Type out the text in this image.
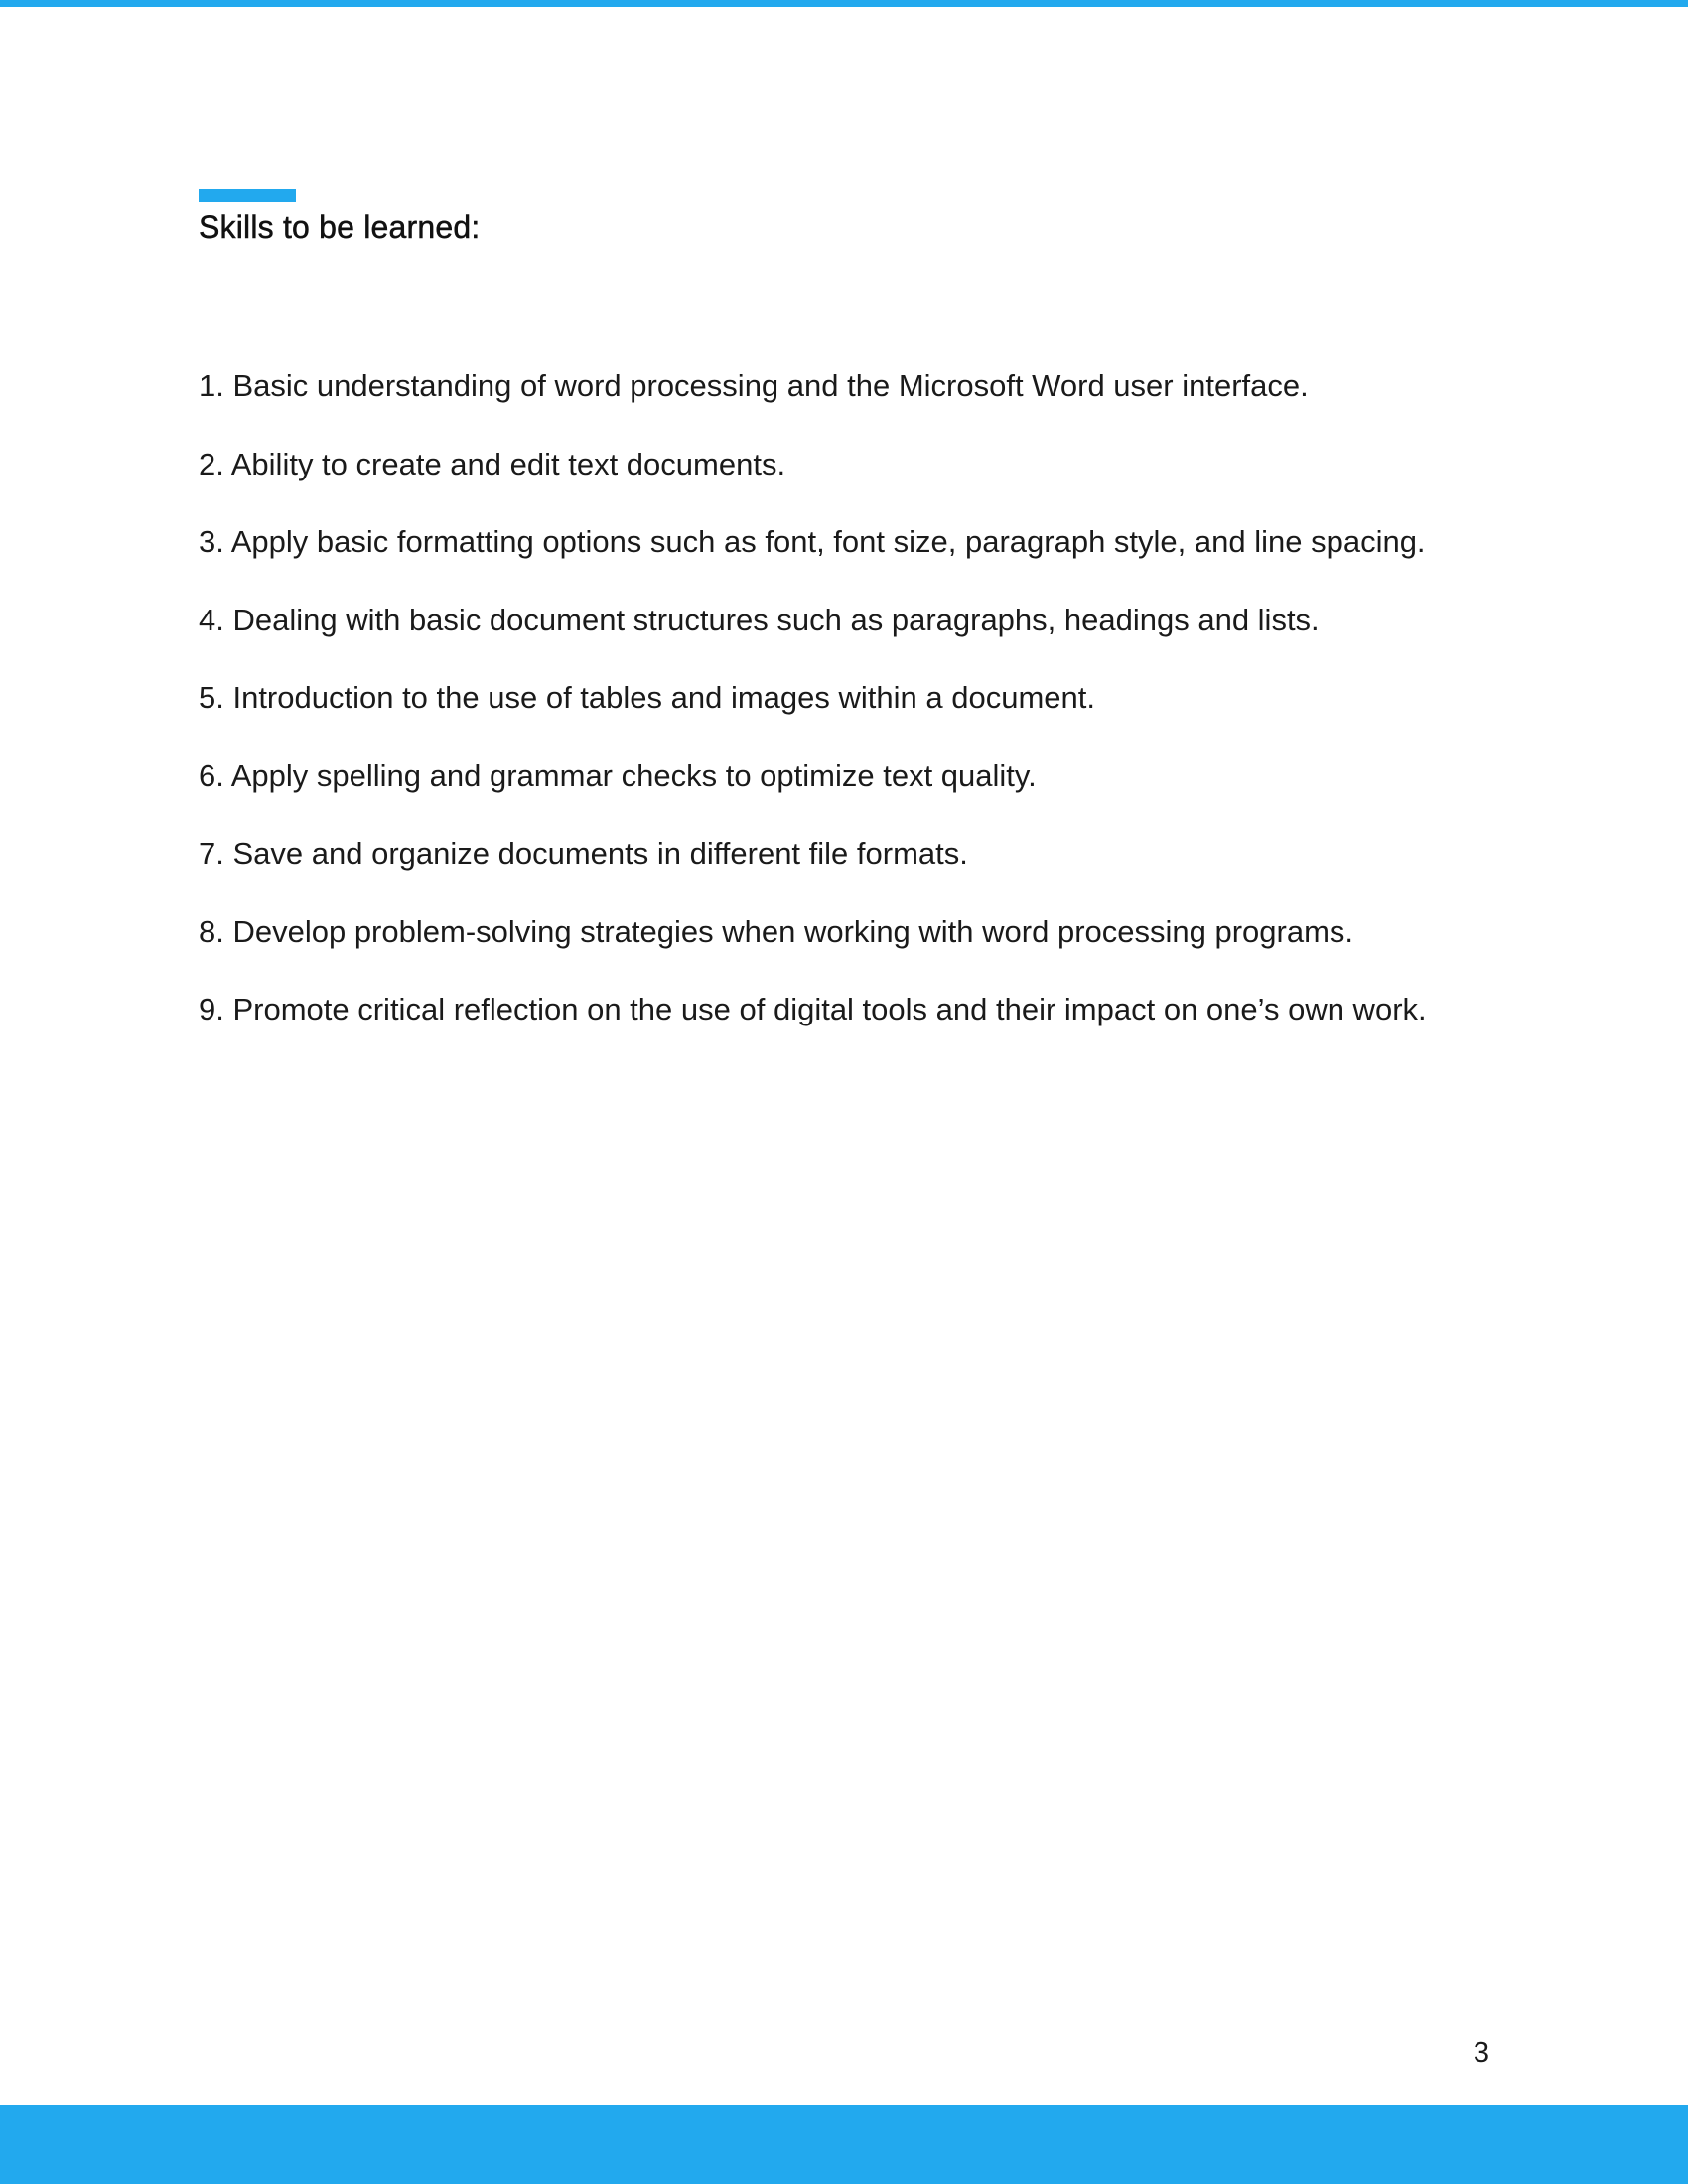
Skills to be learned:
1. Basic understanding of word processing and the Microsoft Word user interface.
2. Ability to create and edit text documents.
3. Apply basic formatting options such as font, font size, paragraph style, and line spacing.
4. Dealing with basic document structures such as paragraphs, headings and lists.
5. Introduction to the use of tables and images within a document.
6. Apply spelling and grammar checks to optimize text quality.
7. Save and organize documents in different file formats.
8. Develop problem-solving strategies when working with word processing programs.
9. Promote critical reflection on the use of digital tools and their impact on one’s own work.
3
